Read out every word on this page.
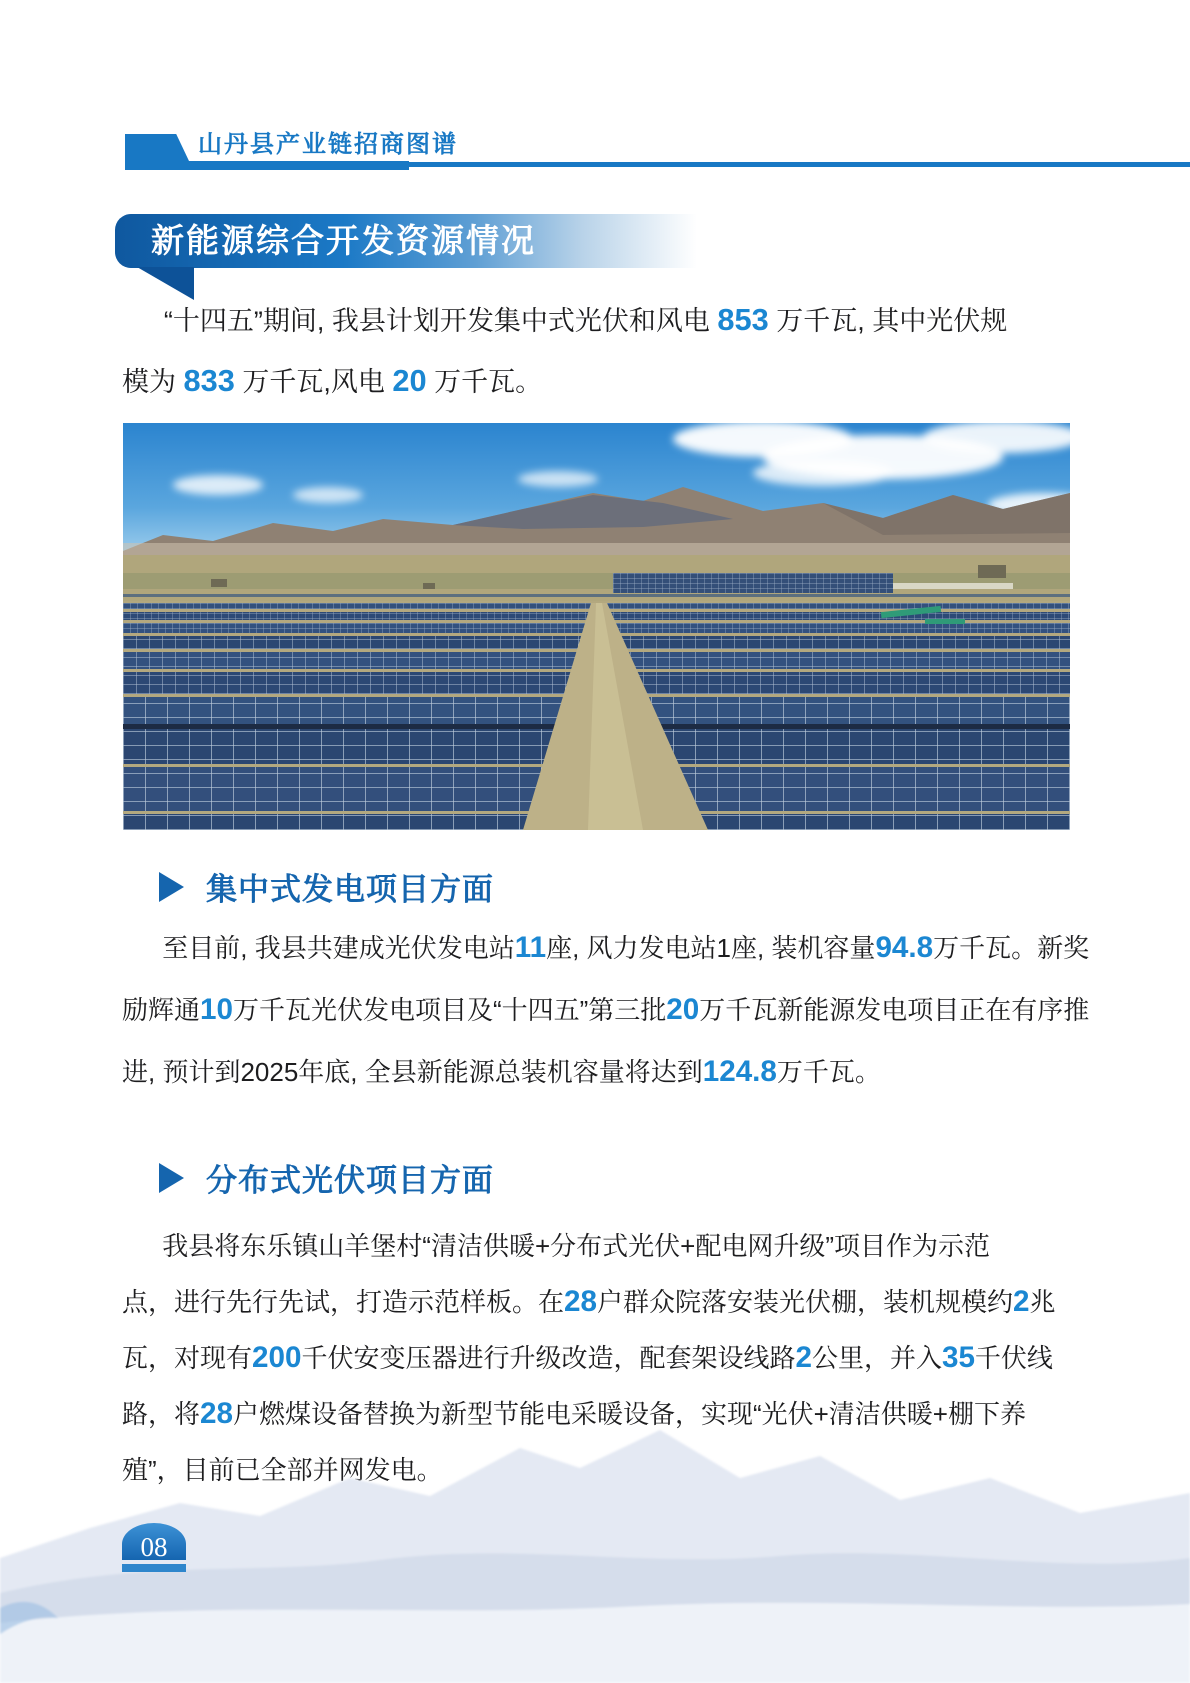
山丹县产业链招商图谱
新能源综合开发资源情况
“十四五”期间, 我县计划开发集中式光伏和风电 853 万千瓦, 其中光伏规
模为 833 万千瓦,风电 20 万千瓦。
集中式发电项目方面
至目前, 我县共建成光伏发电站11座, 风力发电站1座, 装机容量94.8万千瓦。新奖
励辉通10万千瓦光伏发电项目及“十四五”第三批20万千瓦新能源发电项目正在有序推
进, 预计到2025年底, 全县新能源总装机容量将达到124.8万千瓦。
分布式光伏项目方面
我县将东乐镇山羊堡村“清洁供暖+分布式光伏+配电网升级”项目作为示范
点，进行先行先试，打造示范样板。在28户群众院落安装光伏棚，装机规模约2兆
瓦，对现有200千伏安变压器进行升级改造，配套架设线路2公里，并入35千伏线
路，将28户燃煤设备替换为新型节能电采暖设备，实现“光伏+清洁供暖+棚下养
殖”，目前已全部并网发电。
08
